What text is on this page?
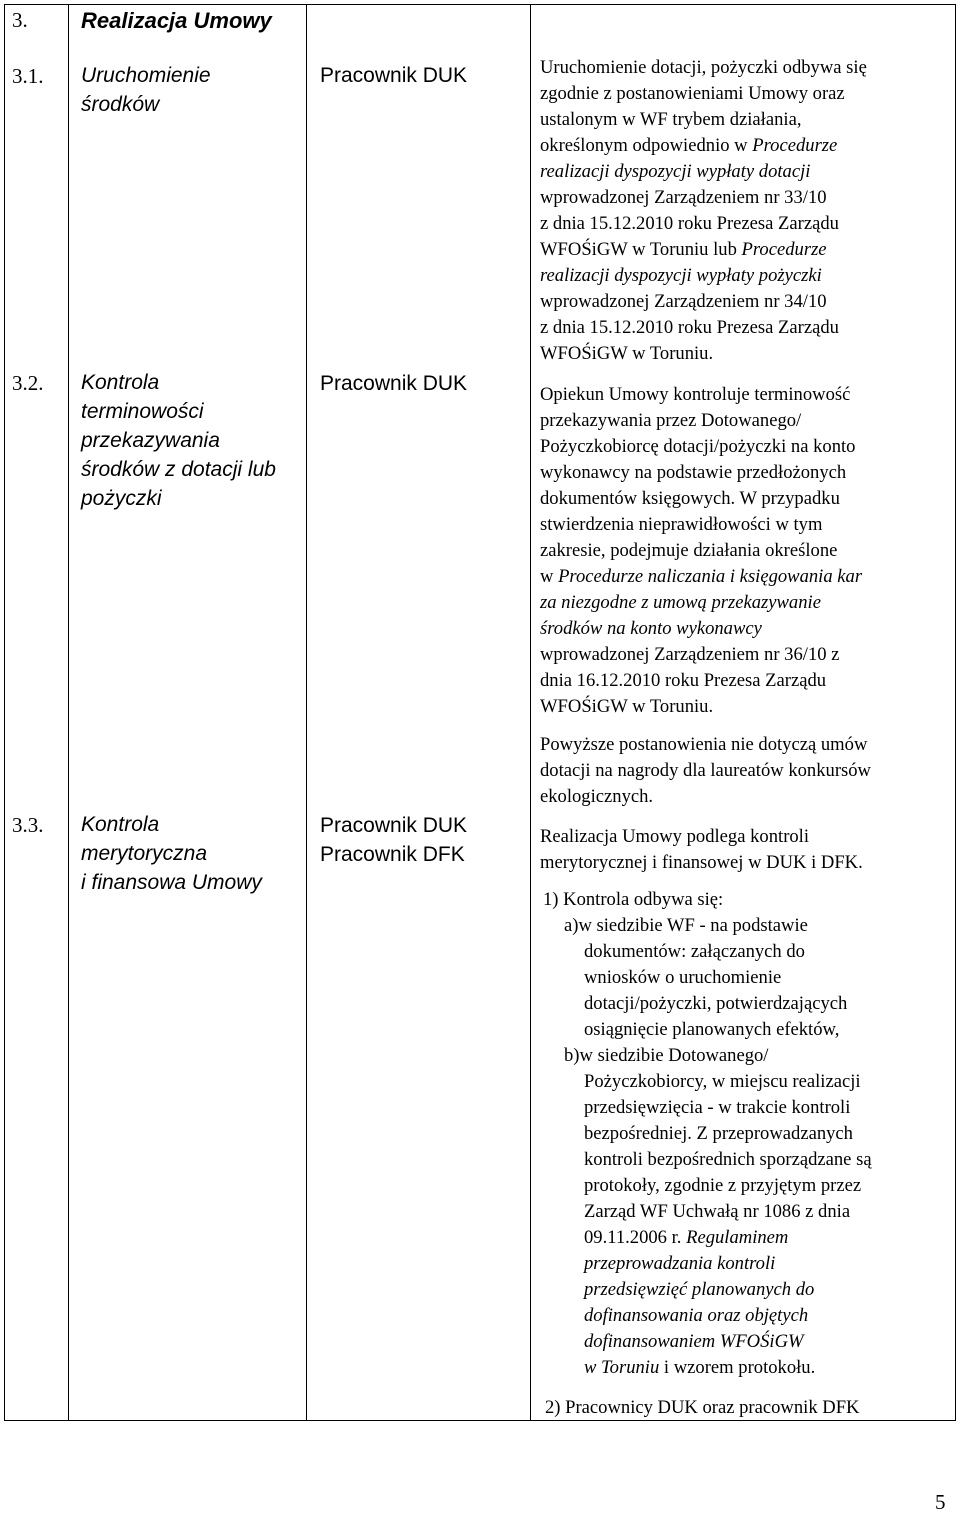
3. Realizacja Umowy
3.1. Uruchomienie
środków
Pracownik DUK	Uruchomienie dotacji, pożyczki odbywa się
zgodnie z postanowieniami Umowy oraz
ustalonym w WF trybem działania,
określonym odpowiednio w Procedurze
realizacji dyspozycji wypłaty dotacji
wprowadzonej Zarządzeniem nr 33/10
z dnia 15.12.2010 roku Prezesa Zarządu
WFOŚiGW w Toruniu lub Procedurze
realizacji dyspozycji wypłaty pożyczki
wprowadzonej Zarządzeniem nr 34/10
z dnia 15.12.2010 roku Prezesa Zarządu
WFOŚiGW w Toruniu.
3.2. Kontrola
terminowości
przekazywania
środków z dotacji lub
pożyczki
Pracownik DUK	Opiekun Umowy kontroluje terminowość
przekazywania przez Dotowanego/
Pożyczkobiorcę dotacji/pożyczki na konto
wykonawcy na podstawie przedłożonych
dokumentów księgowych. W przypadku
stwierdzenia nieprawidłowości w tym
zakresie, podejmuje działania określone
w Procedurze naliczania i księgowania kar
za niezgodne z umową przekazywanie
środków na konto wykonawcy
wprowadzonej Zarządzeniem nr 36/10 z
dnia 16.12.2010 roku Prezesa Zarządu
WFOŚiGW w Toruniu.
Powyższe postanowienia nie dotyczą umów
dotacji na nagrody dla laureatów konkursów
ekologicznych.
3.3. Kontrola
merytoryczna
i finansowa Umowy
Pracownik DUK
Pracownik DFK
Realizacja Umowy podlega kontroli
merytorycznej i finansowej w DUK i DFK.
1) Kontrola odbywa się:
a)w siedzibie WF - na podstawie
dokumentów: załączanych do
wniosków o uruchomienie
dotacji/pożyczki, potwierdzających
osiągnięcie planowanych efektów,
b)w siedzibie Dotowanego/
Pożyczkobiorcy, w miejscu realizacji
przedsięwzięcia - w trakcie kontroli
bezpośredniej. Z przeprowadzanych
kontroli bezpośrednich sporządzane są
protokoły, zgodnie z przyjętym przez
Zarząd WF Uchwałą nr 1086 z dnia
09.11.2006 r. Regulaminem
przeprowadzania kontroli
przedsięwzięć planowanych do
dofinansowania oraz objętych
dofinansowaniem WFOŚiGW
w Toruniu i wzorem protokołu.
2) Pracownicy DUK oraz pracownik DFK
5
